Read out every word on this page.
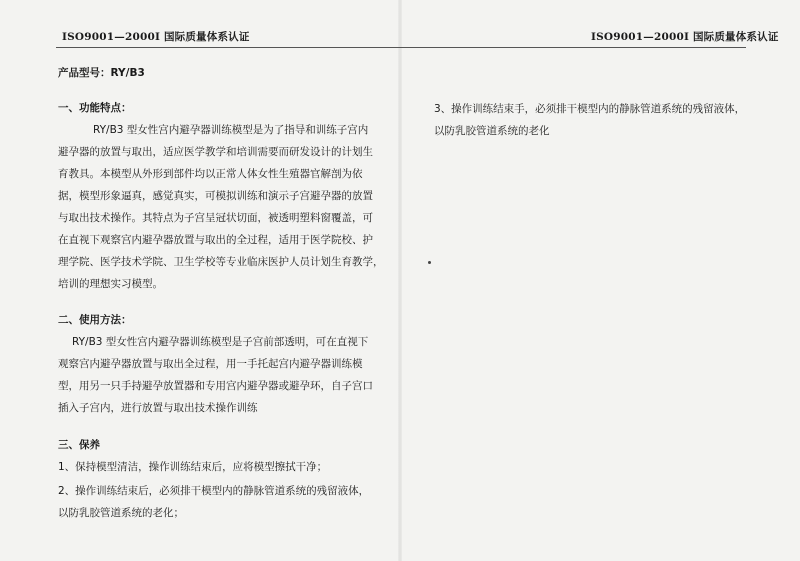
ISO9001—2000I 国际质量体系认证	ISO9001—2000I 国际质量体系认证
产品型号：RY/B3
一、功能特点：
RY/B3 型女性宫内避孕器训练模型是为了指导和训练子宫内
避孕器的放置与取出，适应医学教学和培训需要而研发设计的计划生
育教具。本模型从外形到部件均以正常人体女性生殖器官解剖为依
据，模型形象逼真，感觉真实，可模拟训练和演示子宫避孕器的放置
与取出技术操作。其特点为子宫呈冠状切面，被透明塑料窗覆盖，可
在直视下观察宫内避孕器放置与取出的全过程，适用于医学院校、护
理学院、医学技术学院、卫生学校等专业临床医护人员计划生育教学，
培训的理想实习模型。
二、使用方法：
RY/B3 型女性宫内避孕器训练模型是子宫前部透明，可在直视下
观察宫内避孕器放置与取出全过程，用一手托起宫内避孕器训练模
型，用另一只手持避孕放置器和专用宫内避孕器或避孕环，自子宫口
插入子宫内，进行放置与取出技术操作训练
三、保养
1、保持模型清洁，操作训练结束后，应将模型擦拭干净；
2、操作训练结束后，必须排干模型内的静脉管道系统的残留液体，
以防乳胶管道系统的老化；
3、操作训练结束手，必须排干模型内的静脉管道系统的残留液体，
以防乳胶管道系统的老化
